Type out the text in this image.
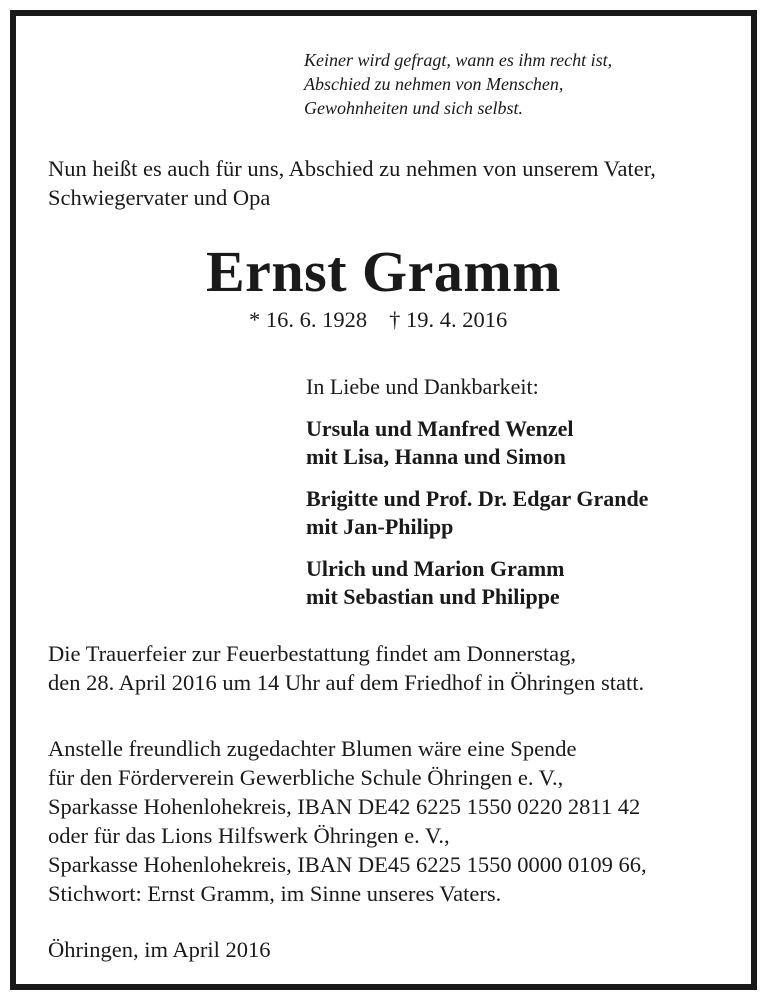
Keiner wird gefragt, wann es ihm recht ist,
Abschied zu nehmen von Menschen,
Gewohnheiten und sich selbst.
Nun heißt es auch für uns, Abschied zu nehmen von unserem Vater,
Schwiegervater und Opa
Ernst Gramm
* 16. 6. 1928 † 19. 4. 2016
In Liebe und Dankbarkeit:
Ursula und Manfred Wenzel
mit Lisa, Hanna und Simon
Brigitte und Prof. Dr. Edgar Grande
mit Jan-Philipp
Ulrich und Marion Gramm
mit Sebastian und Philippe
Die Trauerfeier zur Feuerbestattung findet am Donnerstag,
den 28. April 2016 um 14 Uhr auf dem Friedhof in Öhringen statt.
Anstelle freundlich zugedachter Blumen wäre eine Spende
für den Förderverein Gewerbliche Schule Öhringen e. V.,
Sparkasse Hohenlohekreis, IBAN DE42 6225 1550 0220 2811 42
oder für das Lions Hilfswerk Öhringen e. V.,
Sparkasse Hohenlohekreis, IBAN DE45 6225 1550 0000 0109 66,
Stichwort: Ernst Gramm, im Sinne unseres Vaters.
Öhringen, im April 2016
